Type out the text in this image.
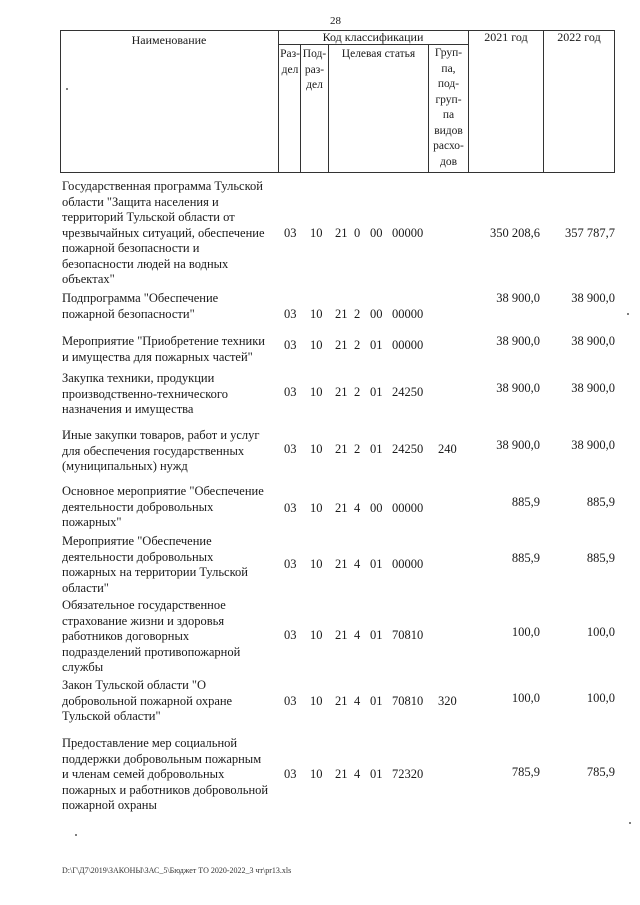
28
Наименование	Код классификации
Раз-
дел
Под-
раз-
дел
Целевая статья	Груп-
па,
под-
груп-
па
видов
расхо-
дов
2021 год	2022 год
Государственная программа Тульской
области "Защита населения и
территорий Тульской области от
чрезвычайных ситуаций, обеспечение
пожарной безопасности и
безопасности людей на водных
объектах"
03 10 21 0 00 00000	350 208,6 357 787,7
Подпрограмма "Обеспечение
пожарной безопасности"	03 10 21 2 00 00000
38 900,0	38 900,0
Мероприятие "Приобретение техники
и имущества для пожарных частей"
03 10 21 2 01 00000	38 900,0	38 900,0
Закупка техники, продукции
производственно-технического
назначения и имущества
03 10 21 2 01 24250	38 900,0	38 900,0
Иные закупки товаров, работ и услуг
для обеспечения государственных
(муниципальных) нужд
03 10 21 2 01 24250 240	38 900,0	38 900,0
Основное мероприятие "Обеспечение
деятельности добровольных
пожарных"
03 10 21 4 00 00000	885,9	885,9
Мероприятие "Обеспечение
деятельности добровольных
пожарных на территории Тульской
области"
03 10 21 4 01 00000	885,9	885,9
Обязательное государственное
страхование жизни и здоровья
работников договорных
подразделений противопожарной
службы
03 10 21 4 01 70810	100,0	100,0
Закон Тульской области "О
добровольной пожарной охране
Тульской области"
03 10 21 4 01 70810 320	100,0	100,0
Предоставление мер социальной
поддержки добровольным пожарным
и членам семей добровольных
пожарных и работников добровольной
пожарной охраны
03 10 21 4 01 72320	785,9	785,9
D:\Г\Д7\2019\ЗАКОНЫ\ЗАС_5\Бюджет ТО 2020-2022_3 чт\pr13.xls
